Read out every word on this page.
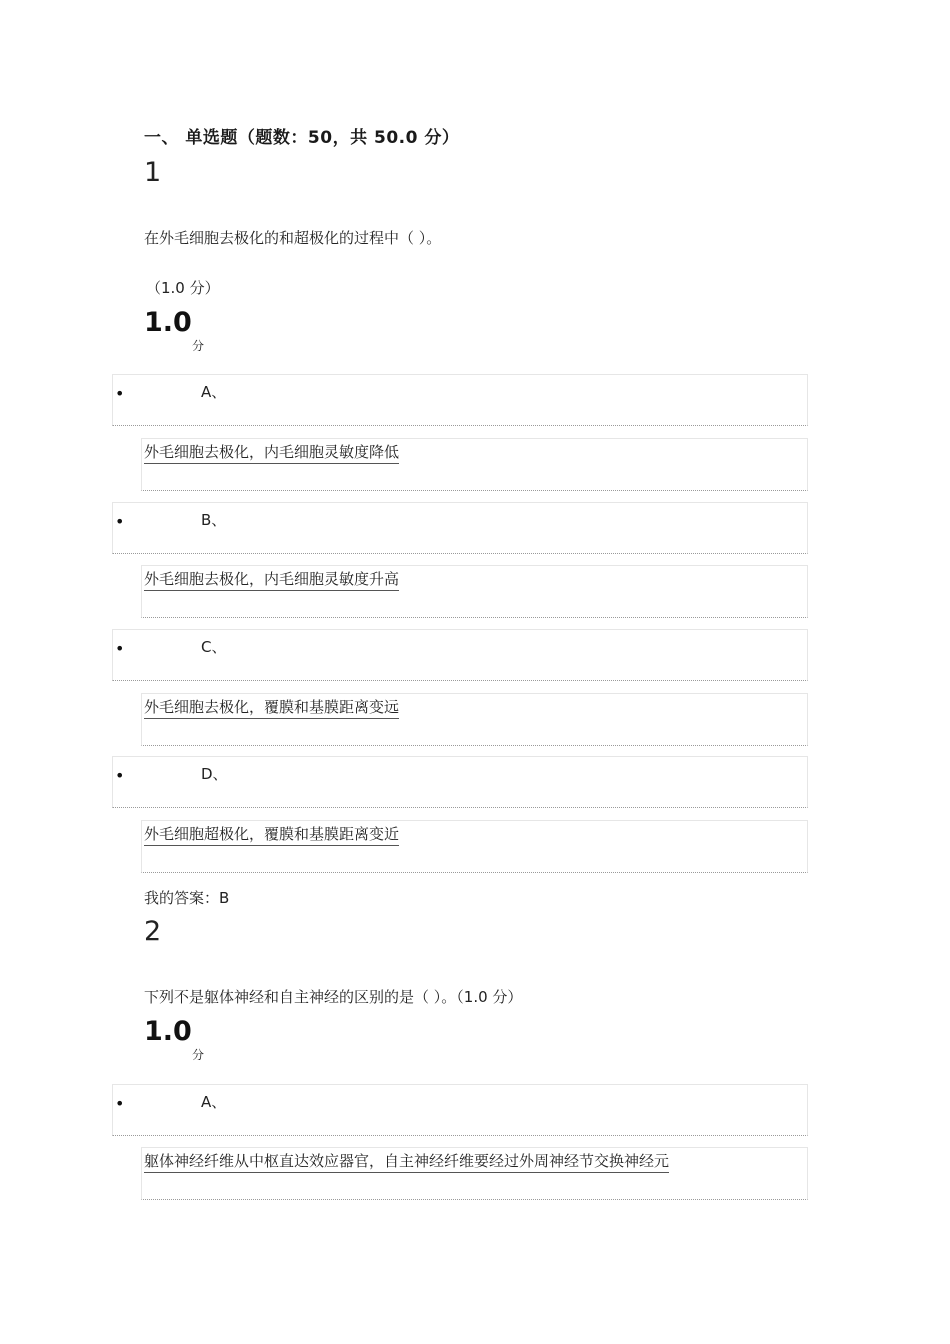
一、 单选题（题数：50，共 50.0 分）
1
在外毛细胞去极化的和超极化的过程中（ ）。
（1.0 分）
1.0
分
•	A、
外毛细胞去极化，内毛细胞灵敏度降低
•	B、
外毛细胞去极化，内毛细胞灵敏度升高
•	C、
外毛细胞去极化，覆膜和基膜距离变远
•	D、
外毛细胞超极化，覆膜和基膜距离变近
我的答案：B
2
下列不是躯体神经和自主神经的区别的是（ ）。（1.0 分）
1.0
分
•	A、
躯体神经纤维从中枢直达效应器官，自主神经纤维要经过外周神经节交换神经元
